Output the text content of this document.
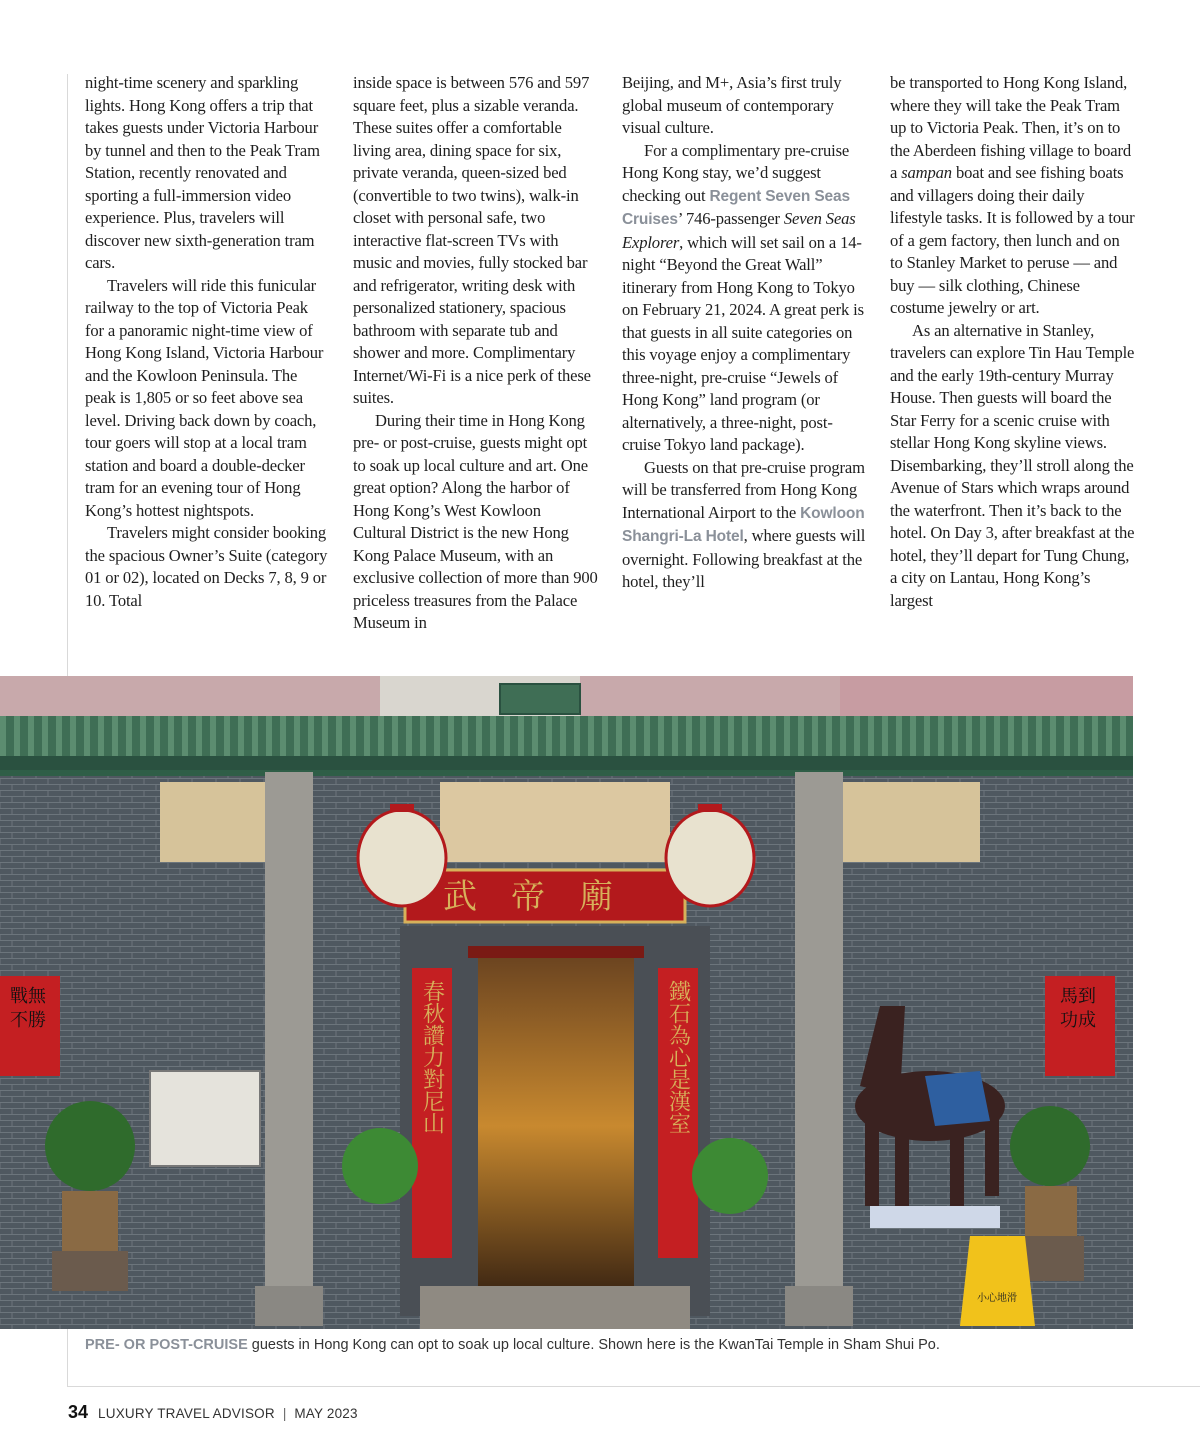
night-time scenery and sparkling lights. Hong Kong offers a trip that takes guests under Victoria Harbour by tunnel and then to the Peak Tram Station, recently renovated and sporting a full-immersion video experience. Plus, travelers will discover new sixth-generation tram cars.

Travelers will ride this funicular railway to the top of Victoria Peak for a panoramic night-time view of Hong Kong Island, Victoria Harbour and the Kowloon Peninsula. The peak is 1,805 or so feet above sea level. Driving back down by coach, tour goers will stop at a local tram station and board a double-decker tram for an evening tour of Hong Kong’s hottest nightspots.

Travelers might consider booking the spacious Owner’s Suite (category 01 or 02), located on Decks 7, 8, 9 or 10. Total

inside space is between 576 and 597 square feet, plus a sizable veranda. These suites offer a comfortable living area, dining space for six, private veranda, queen-sized bed (convertible to two twins), walk-in closet with personal safe, two interactive flat-screen TVs with music and movies, fully stocked bar and refrigerator, writing desk with personalized stationery, spacious bathroom with separate tub and shower and more. Complimentary Internet/Wi-Fi is a nice perk of these suites.

During their time in Hong Kong pre- or post-cruise, guests might opt to soak up local culture and art. One great option? Along the harbor of Hong Kong’s West Kowloon Cultural District is the new Hong Kong Palace Museum, with an exclusive collection of more than 900 priceless treasures from the Palace Museum in

Beijing, and M+, Asia’s first truly global museum of contemporary visual culture.

For a complimentary pre-cruise Hong Kong stay, we’d suggest checking out Regent Seven Seas Cruises’ 746-passenger Seven Seas Explorer, which will set sail on a 14-night “Beyond the Great Wall” itinerary from Hong Kong to Tokyo on February 21, 2024. A great perk is that guests in all suite categories on this voyage enjoy a complimentary three-night, pre-cruise “Jewels of Hong Kong” land program (or alternatively, a three-night, post-cruise Tokyo land package).

Guests on that pre-cruise program will be transferred from Hong Kong International Airport to the Kowloon Shangri-La Hotel, where guests will overnight. Following breakfast at the hotel, they’ll

be transported to Hong Kong Island, where they will take the Peak Tram up to Victoria Peak. Then, it’s on to the Aberdeen fishing village to board a sampan boat and see fishing boats and villagers doing their daily lifestyle tasks. It is followed by a tour of a gem factory, then lunch and on to Stanley Market to peruse — and buy — silk clothing, Chinese costume jewelry or art.

As an alternative in Stanley, travelers can explore Tin Hau Temple and the early 19th-century Murray House. Then guests will board the Star Ferry for a scenic cruise with stellar Hong Kong skyline views. Disembarking, they’ll stroll along the Avenue of Stars which wraps around the waterfront. Then it’s back to the hotel. On Day 3, after breakfast at the hotel, they’ll depart for Tung Chung, a city on Lantau, Hong Kong’s largest

武帝廟
春秋讚力對尼山	鐵石為心是漢室
戰無不勝
馬到功成
小心地滑
PRE- OR POST-CRUISE guests in Hong Kong can opt to soak up local culture. Shown here is the KwanTai Temple in Sham Shui Po.
34 LUXURY TRAVEL ADVISOR | MAY 2023
